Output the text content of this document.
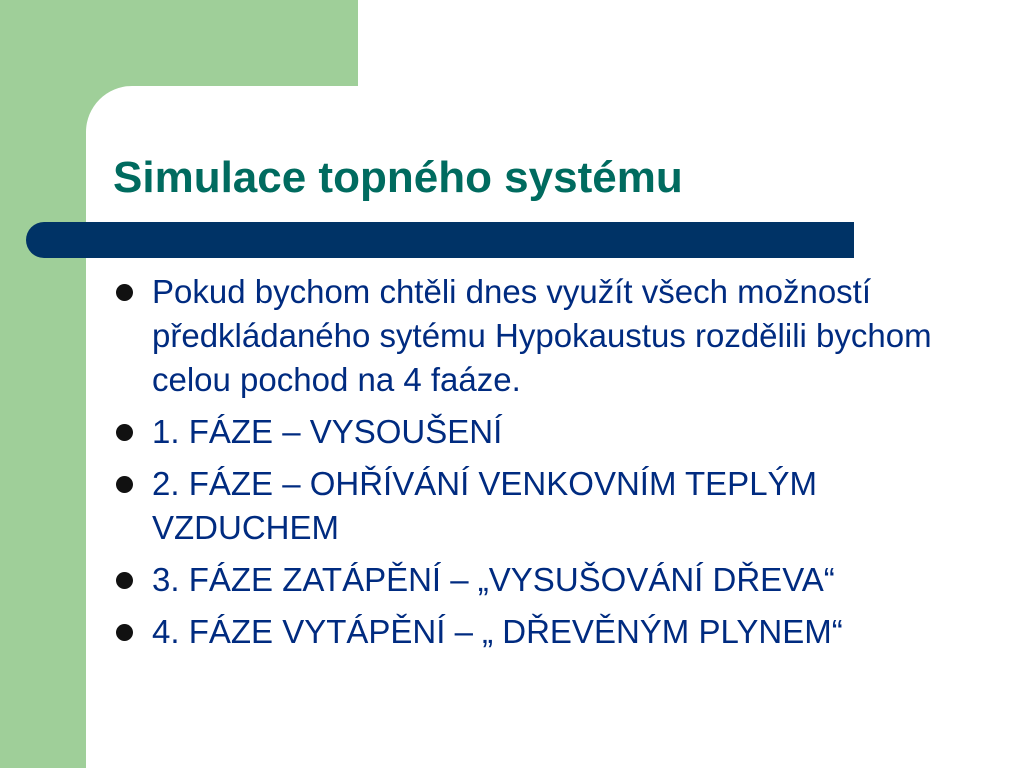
Simulace topného systému
Pokud bychom chtěli dnes využít všech možností předkládaného sytému Hypokaustus rozdělili bychom celou pochod na 4 faáze.
1. FÁZE – VYSOUŠENÍ
2. FÁZE – OHŘÍVÁNÍ VENKOVNÍM TEPLÝM VZDUCHEM
3. FÁZE ZATÁPĚNÍ – „VYSUŠOVÁNÍ DŘEVA“
4. FÁZE VYTÁPĚNÍ – „ DŘEVĚNÝM PLYNEM“
